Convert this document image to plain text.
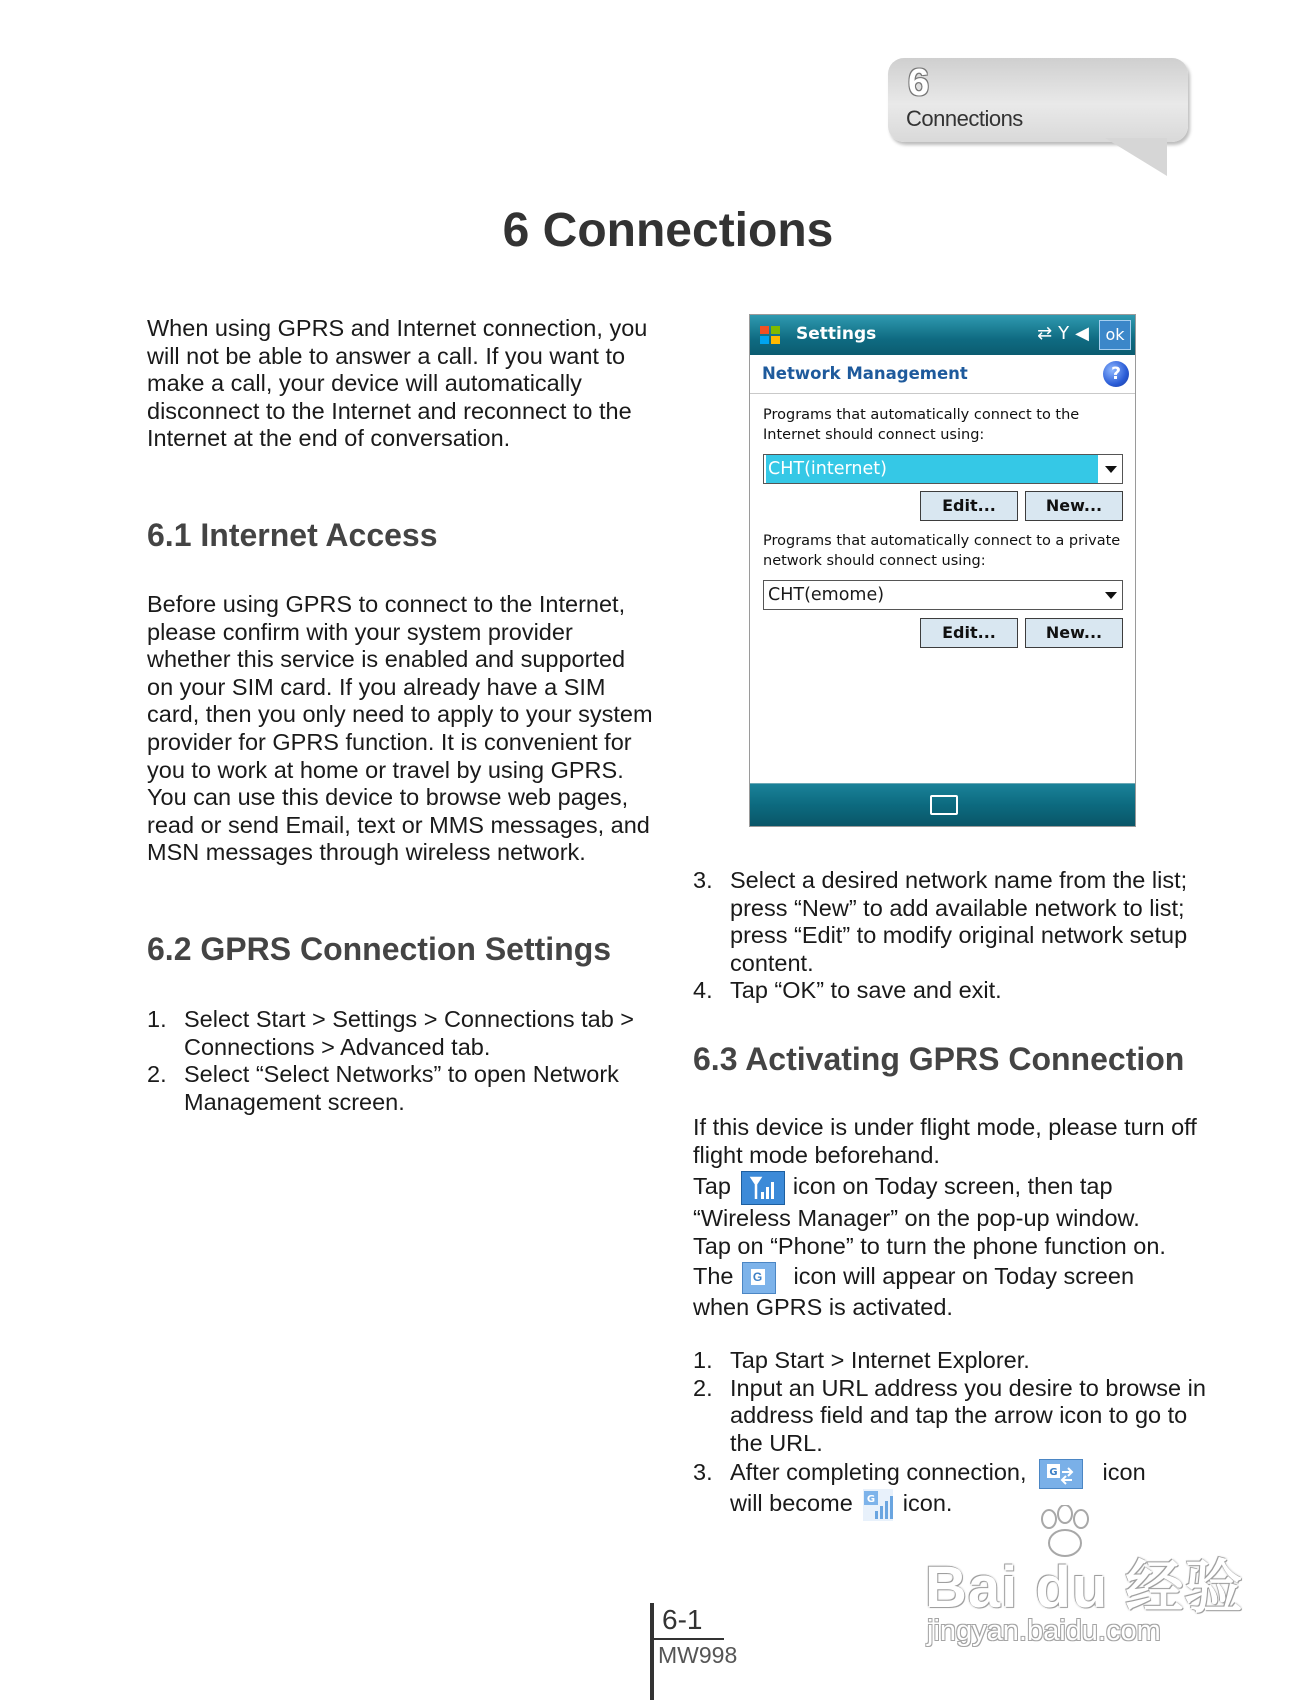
6
Connections
6 Connections
When using GPRS and Internet connection, you will not be able to answer a call. If you want to make a call, your device will automatically disconnect to the Internet and reconnect to the Internet at the end of conversation.
6.1 Internet Access
Before using GPRS to connect to the Internet, please confirm with your system provider whether this service is enabled and supported on your SIM card. If you already have a SIM card, then you only need to apply to your system provider for GPRS function. It is convenient for you to work at home or travel by using GPRS. You can use this device to browse web pages, read or send Email, text or MMS messages, and MSN messages through wireless network.
6.2 GPRS Connection Settings
1. Select Start > Settings > Connections tab > Connections > Advanced tab.
2. Select “Select Networks” to open Network Management screen.
Settings	⇄Y◀ ok
Network Management	?
Programs that automatically connect to the Internet should connect using:
CHT(internet)
Edit...	New...
Programs that automatically connect to a private network should connect using:
CHT(emome)
Edit...	New...
3. Select a desired network name from the list; press “New” to add available network to list; press “Edit” to modify original network setup content.
4. Tap “OK” to save and exit.
6.3 Activating GPRS Connection
If this device is under flight mode, please turn off flight mode beforehand.
Tap	icon on Today screen, then tap
“Wireless Manager” on the pop-up window.
Tap on “Phone” to turn the phone function on.
The G icon will appear on Today screen
when GPRS is activated.
1. Tap Start > Internet Explorer.
2. Input an URL address you desire to browse in address field and tap the arrow icon to go to the URL.
3. After completing connection, G icon
will become G icon.
6-1
MW998
Bai du 经验
jingyan.baidu.com
